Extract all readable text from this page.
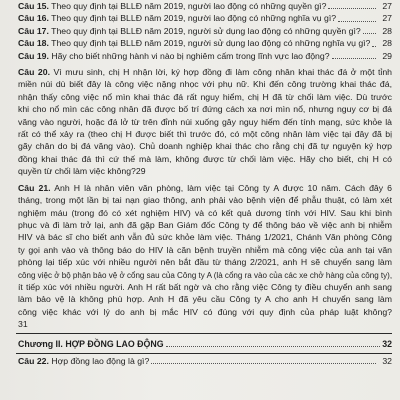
Câu 15. Theo quy định tại BLLĐ năm 2019, người lao động có những quyền gì?	27
Câu 16. Theo quy định tại BLLĐ năm 2019, người lao động có những nghĩa vụ gì?	27
Câu 17. Theo quy định tại BLLĐ năm 2019, người sử dụng lao động có những quyền gì?	28
Câu 18. Theo quy định tại BLLĐ năm 2019, người sử dụng lao động có những nghĩa vụ gì?	28
Câu 19. Hãy cho biết những hành vi nào bị nghiêm cấm trong lĩnh vực lao động?	29
Câu 20. Vì mưu sinh, chị H nhận lời, ký hợp đồng đi làm công nhân khai thác đá ở một tỉnh
miền núi dù biết đây là công việc nặng nhọc với phụ nữ. Khi đến công trường khai thác đá,
nhận thấy công việc nổ mìn khai thác đá rất nguy hiểm, chị H đã từ chối làm việc. Dù trước
khi cho nổ mìn các công nhân đã được bố trí đứng cách xa nơi mìn nổ, nhưng nguy cơ bị đá
văng vào người, hoặc đá lở từ trên đỉnh núi xuống gây nguy hiểm đến tính mạng, sức khỏe là
rất có thể xảy ra (theo chị H được biết thì trước đó, có một công nhân làm việc tại đây đã bị
gãy chân do bị đá văng vào). Chủ doanh nghiệp khai thác cho rằng chị đã tự nguyện ký hợp
đồng khai thác đá thì cứ thế mà làm, không được từ chối làm việc. Hãy cho biết, chị H có
quyền từ chối làm việc không? 29
Câu 21. Anh H là nhân viên văn phòng, làm việc tại Công ty A được 10 năm. Cách đây 6
tháng, trong một lần bị tai nạn giao thông, anh phải vào bệnh viện để phẫu thuật, có làm xét
nghiệm máu (trong đó có xét nghiệm HIV) và có kết quả dương tính với HIV. Sau khi bình
phục và đi làm trở lại, anh đã gặp Ban Giám đốc Công ty để thông báo về việc anh bị nhiễm
HIV và bác sĩ cho biết anh vẫn đủ sức khỏe làm việc. Tháng 1/2021, Chánh Văn phòng Công
ty gọi anh vào và thông báo do HIV là căn bệnh truyền nhiễm mà công việc của anh tại văn
phòng lại tiếp xúc với nhiều người nên bắt đầu từ tháng 2/2021, anh H sẽ chuyển sang làm
công việc ở bộ phận bảo vệ ở cổng sau của Công ty A (là cổng ra vào của các xe chở hàng của công ty),
ít tiếp xúc với nhiều người. Anh H rất bất ngờ và cho rằng việc Công ty điều chuyển anh sang
làm bảo vệ là không phù hợp. Anh H đã yêu cầu Công ty A cho anh H chuyển sang làm
công việc khác với lý do anh bị mắc HIV có đúng với quy định của pháp luật không?
31
Chương II. HỢP ĐỒNG LAO ĐỘNG	32
Câu 22. Hợp đồng lao động là gì?	32
